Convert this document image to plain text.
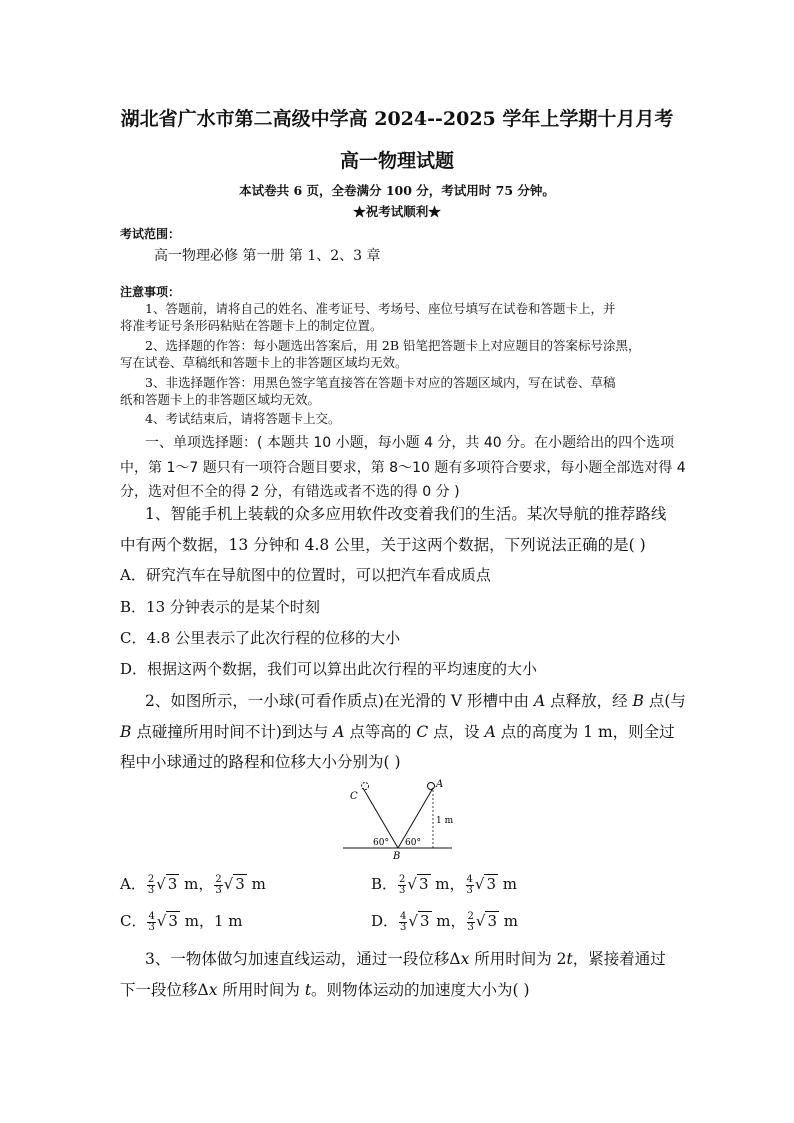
湖北省广水市第二高级中学高 2024--2025 学年上学期十月月考
高一物理试题
本试卷共 6 页，全卷满分 100 分，考试用时 75 分钟。
★祝考试顺利★
考试范围：
高一物理必修 第一册 第 1、2、3 章
注意事项：
1、答题前，请将自己的姓名、准考证号、考场号、座位号填写在试卷和答题卡上，并
将准考证号条形码粘贴在答题卡上的制定位置。
2、选择题的作答：每小题选出答案后，用 2B 铅笔把答题卡上对应题目的答案标号涂黑，
写在试卷、草稿纸和答题卡上的非答题区域均无效。
3、非选择题作答：用黑色签字笔直接答在答题卡对应的答题区域内，写在试卷、草稿
纸和答题卡上的非答题区域均无效。
4、考试结束后，请将答题卡上交。
一、单项选择题：( 本题共 10 小题，每小题 4 分，共 40 分。在小题给出的四个选项
中，第 1～7 题只有一项符合题目要求，第 8～10 题有多项符合要求，每小题全部选对得 4
分，选对但不全的得 2 分，有错选或者不选的得 0 分 )
1、智能手机上装载的众多应用软件改变着我们的生活。某次导航的推荐路线
中有两个数据，13 分钟和 4.8 公里，关于这两个数据，下列说法正确的是( )
A．研究汽车在导航图中的位置时，可以把汽车看成质点
B．13 分钟表示的是某个时刻
C．4.8 公里表示了此次行程的位移的大小
D．根据这两个数据，我们可以算出此次行程的平均速度的大小
2、如图所示，一小球(可看作质点)在光滑的 V 形槽中由 A 点释放，经 B 点(与
B 点碰撞所用时间不计)到达与 A 点等高的 C 点，设 A 点的高度为 1 m，则全过
程中小球通过的路程和位移大小分别为( )
C
A
B
1 m
60° 60°
A． $\frac{2}{3}$ √ 3 m， $\frac{2}{3}$ √ 3 m	B． $\frac{2}{3}$ √ 3 m， $\frac{4}{3}$ √ 3 m
C． $\frac{4}{3}$ √ 3 m，1 m	D． $\frac{4}{3}$ √ 3 m， $\frac{2}{3}$ √ 3 m
3、一物体做匀加速直线运动，通过一段位移Δx 所用时间为 2t，紧接着通过
下一段位移Δx 所用时间为 t。则物体运动的加速度大小为( )
